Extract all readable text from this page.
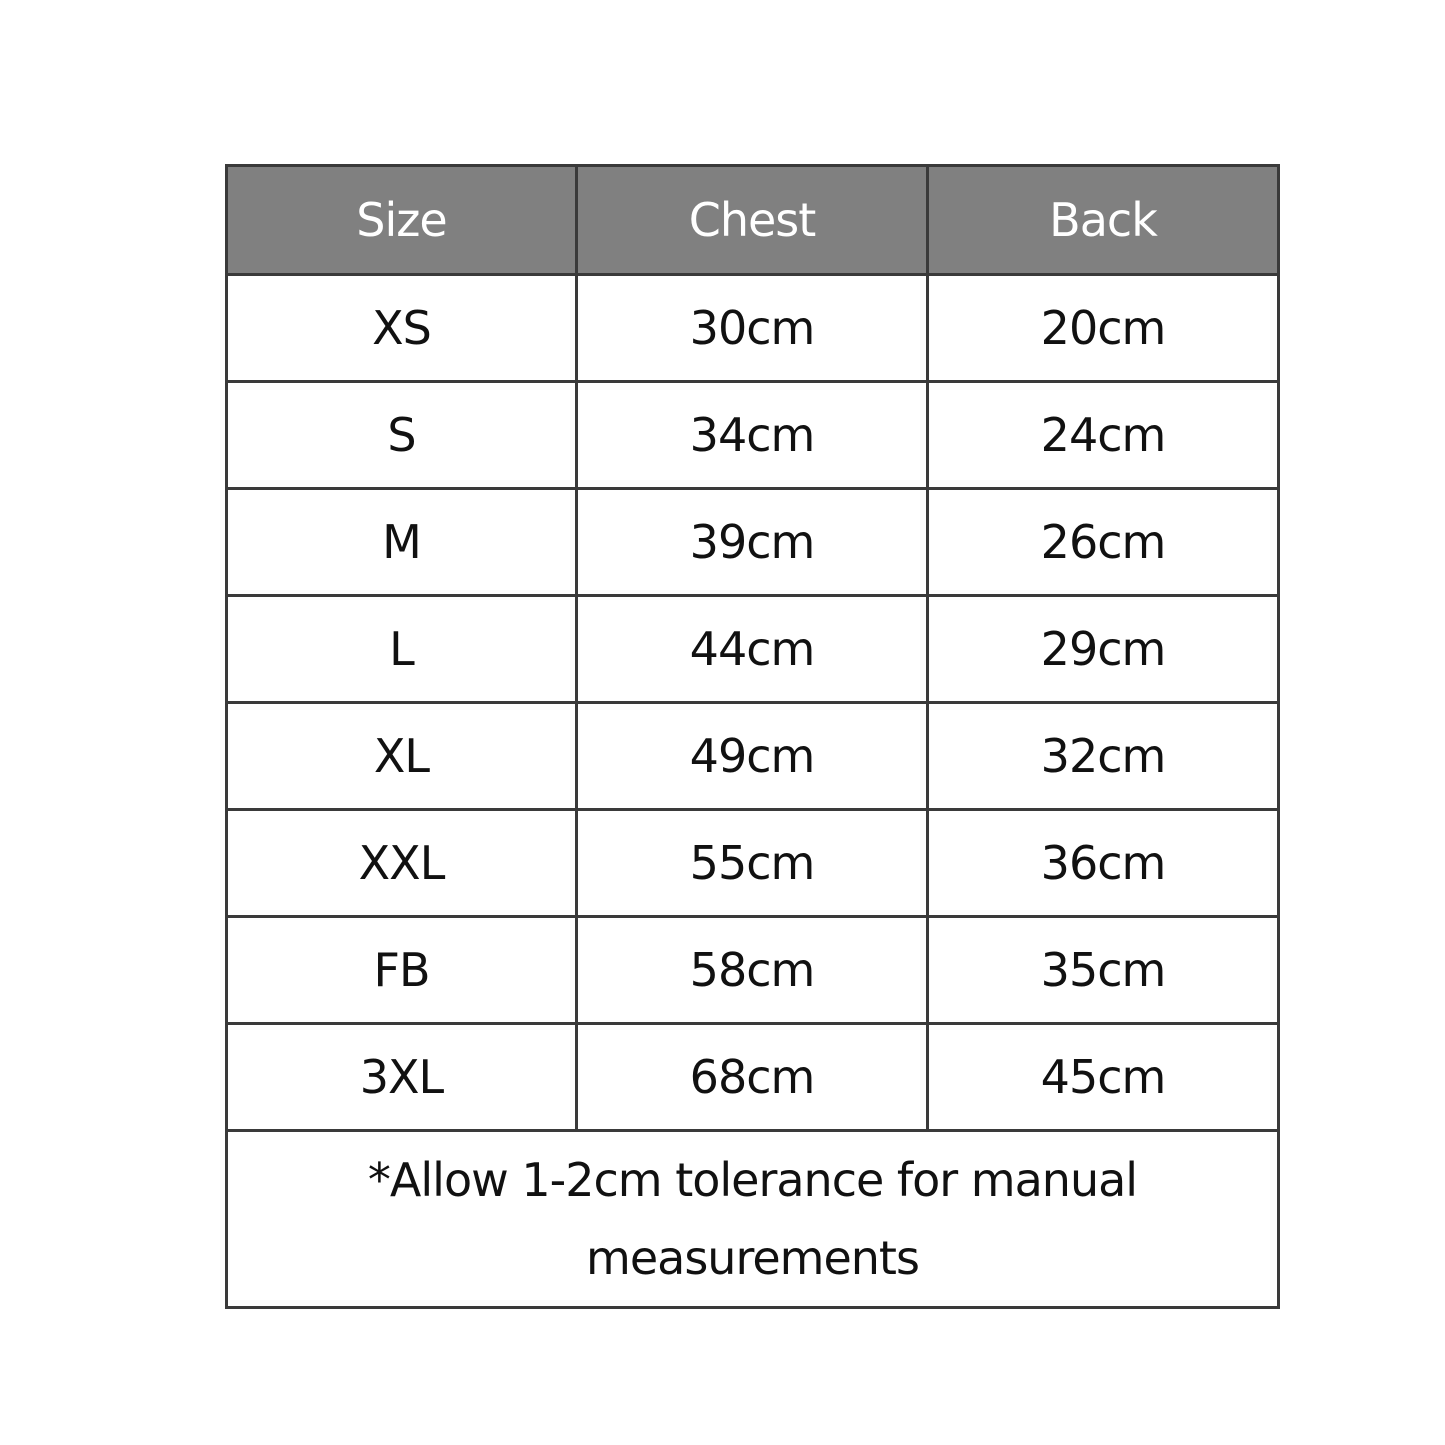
Size	Chest	Back
XS	30cm	20cm
S	34cm	24cm
M	39cm	26cm
L	44cm	29cm
XL	49cm	32cm
XXL	55cm	36cm
FB	58cm	35cm
3XL	68cm	45cm

*Allow 1-2cm tolerance for manual
measurements		
